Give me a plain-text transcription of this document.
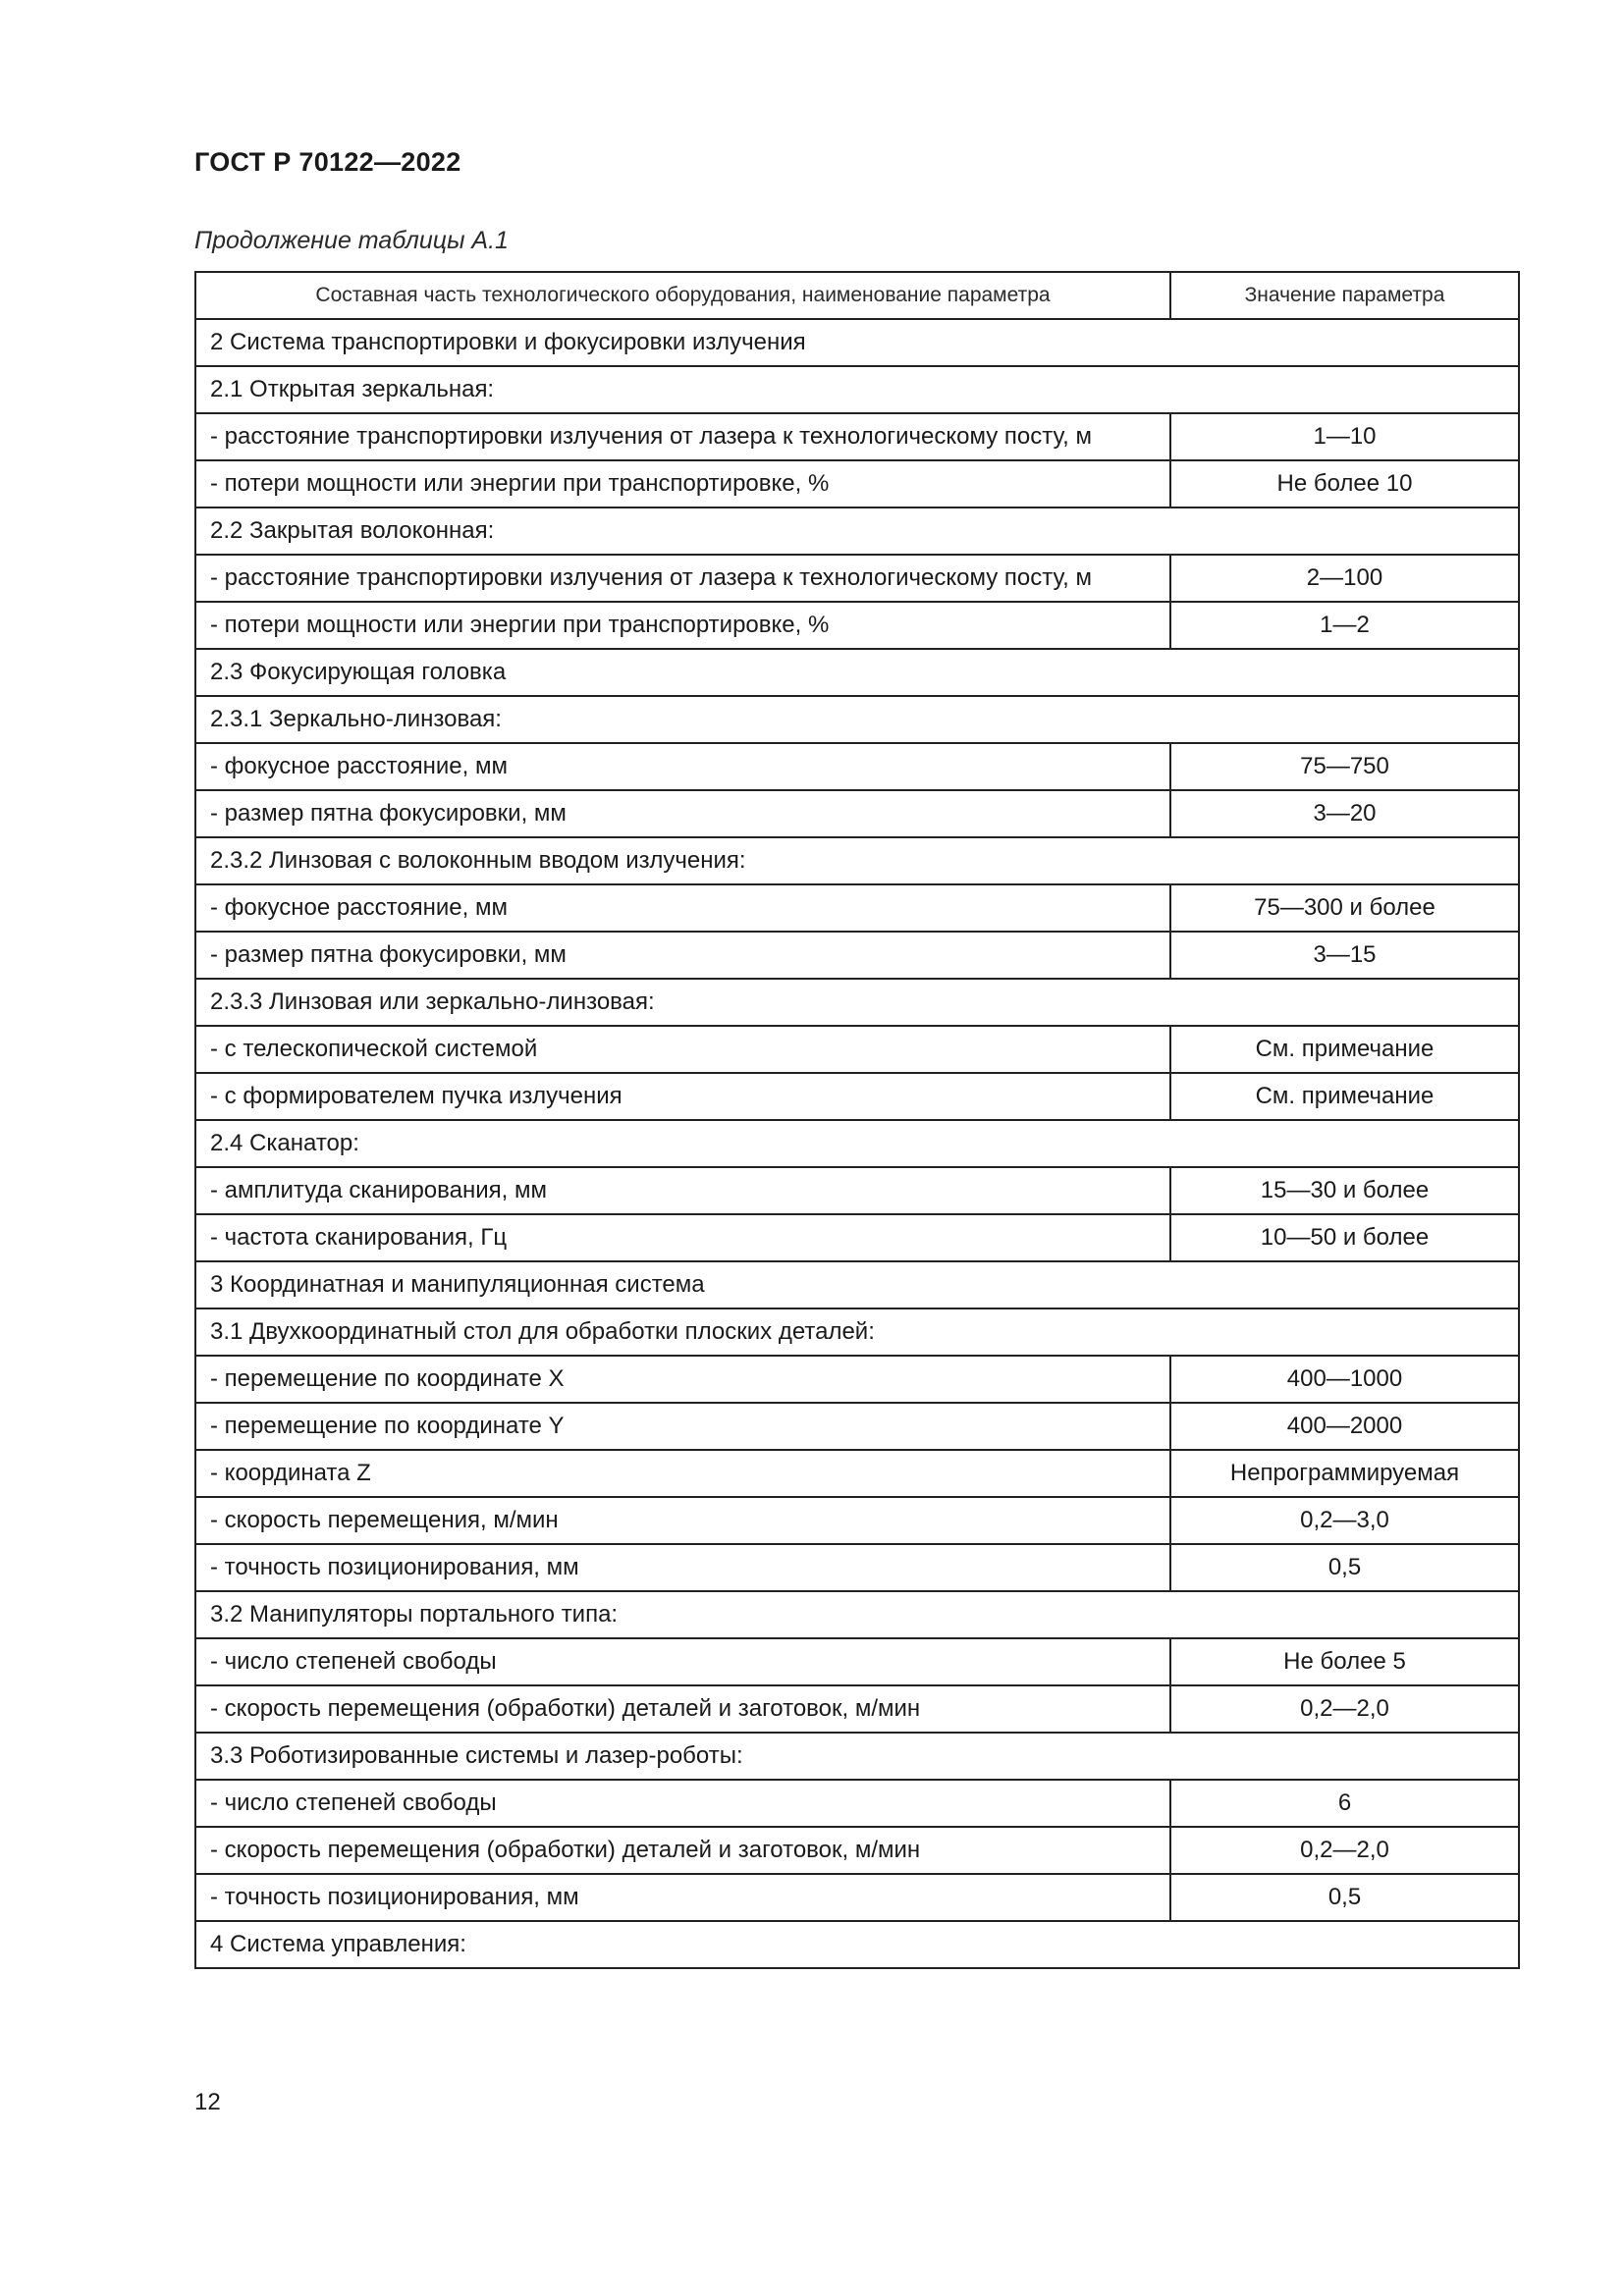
ГОСТ Р 70122—2022
Продолжение таблицы А.1
Составная часть технологического оборудования, наименование параметра	Значение параметра
2 Система транспортировки и фокусировки излучения	
2.1 Открытая зеркальная:	
- расстояние транспортировки излучения от лазера к технологическому посту, м	1—10
- потери мощности или энергии при транспортировке, %	Не более 10
2.2 Закрытая волоконная:	
- расстояние транспортировки излучения от лазера к технологическому посту, м	2—100
- потери мощности или энергии при транспортировке, %	1—2
2.3 Фокусирующая головка	
2.3.1 Зеркально-линзовая:	
- фокусное расстояние, мм	75—750
- размер пятна фокусировки, мм	3—20
2.3.2 Линзовая с волоконным вводом излучения:	
- фокусное расстояние, мм	75—300 и более
- размер пятна фокусировки, мм	3—15
2.3.3 Линзовая или зеркально-линзовая:	
- с телескопической системой	См. примечание
- с формирователем пучка излучения	См. примечание
2.4 Сканатор:	
- амплитуда сканирования, мм	15—30 и более
- частота сканирования, Гц	10—50 и более
3 Координатная и манипуляционная система	
3.1 Двухкоординатный стол для обработки плоских деталей:	
- перемещение по координате X	400—1000
- перемещение по координате Y	400—2000
- координата Z	Непрограммируемая
- скорость перемещения, м/мин	0,2—3,0
- точность позиционирования, мм	0,5
3.2 Манипуляторы портального типа:	
- число степеней свободы	Не более 5
- скорость перемещения (обработки) деталей и заготовок, м/мин	0,2—2,0
3.3 Роботизированные системы и лазер-роботы:	
- число степеней свободы	6
- скорость перемещения (обработки) деталей и заготовок, м/мин	0,2—2,0
- точность позиционирования, мм	0,5
4 Система управления:	
12
